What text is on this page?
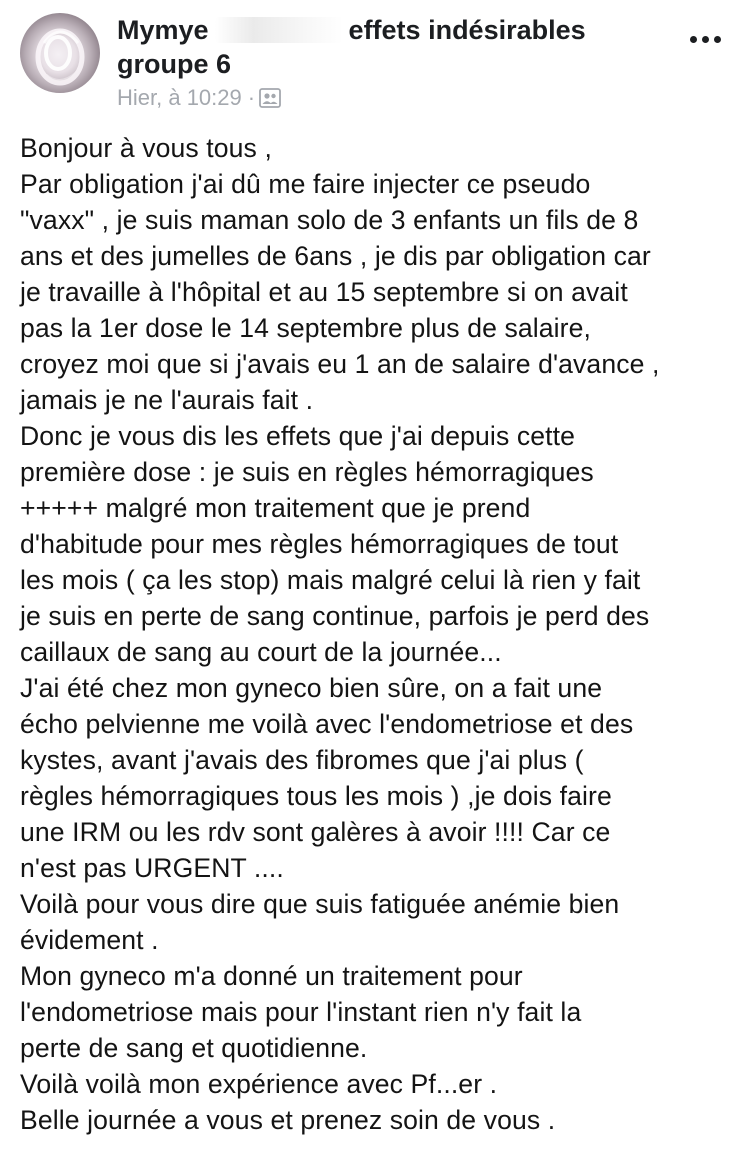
Mymye	effets indésirables
groupe 6
Hier, à 10:29 ·
Bonjour à vous tous ,
Par obligation j'ai dû me faire injecter ce pseudo
"vaxx" , je suis maman solo de 3 enfants un fils de 8
ans et des jumelles de 6ans , je dis par obligation car
je travaille à l'hôpital et au 15 septembre si on avait
pas la 1er dose le 14 septembre plus de salaire,
croyez moi que si j'avais eu 1 an de salaire d'avance ,
jamais je ne l'aurais fait .
Donc je vous dis les effets que j'ai depuis cette
première dose : je suis en règles hémorragiques
+++++ malgré mon traitement que je prend
d'habitude pour mes règles hémorragiques de tout
les mois ( ça les stop) mais malgré celui là rien y fait
je suis en perte de sang continue, parfois je perd des
caillaux de sang au court de la journée...
J'ai été chez mon gyneco bien sûre, on a fait une
écho pelvienne me voilà avec l'endometriose et des
kystes, avant j'avais des fibromes que j'ai plus (
règles hémorragiques tous les mois ) ,je dois faire
une IRM ou les rdv sont galères à avoir !!!! Car ce
n'est pas URGENT ....
Voilà pour vous dire que suis fatiguée anémie bien
évidement .
Mon gyneco m'a donné un traitement pour
l'endometriose mais pour l'instant rien n'y fait la
perte de sang et quotidienne.
Voilà voilà mon expérience avec Pf...er .
Belle journée a vous et prenez soin de vous .
